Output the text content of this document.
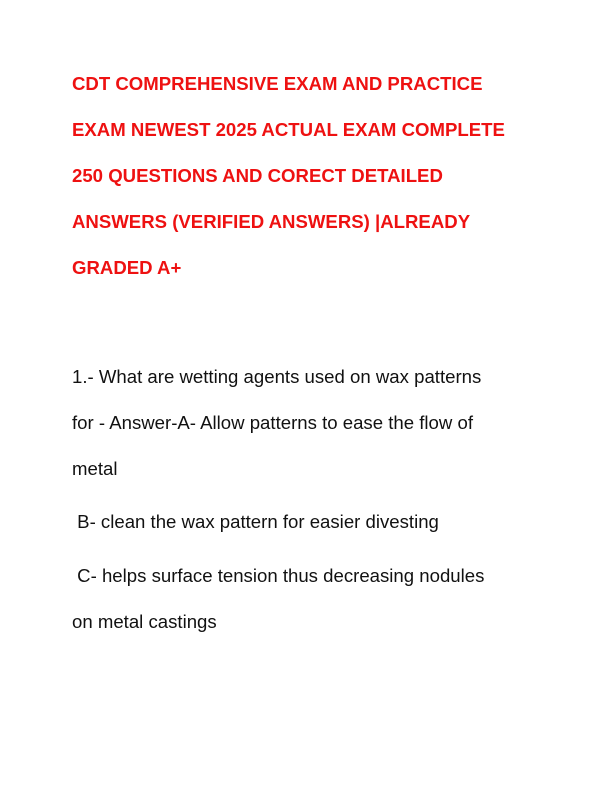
CDT COMPREHENSIVE EXAM AND PRACTICE
EXAM NEWEST 2025 ACTUAL EXAM COMPLETE
250 QUESTIONS AND CORECT DETAILED
ANSWERS (VERIFIED ANSWERS) |ALREADY
GRADED A+
1.- What are wetting agents used on wax patterns
for - Answer-A- Allow patterns to ease the flow of
metal
B- clean the wax pattern for easier divesting
C- helps surface tension thus decreasing nodules
on metal castings
